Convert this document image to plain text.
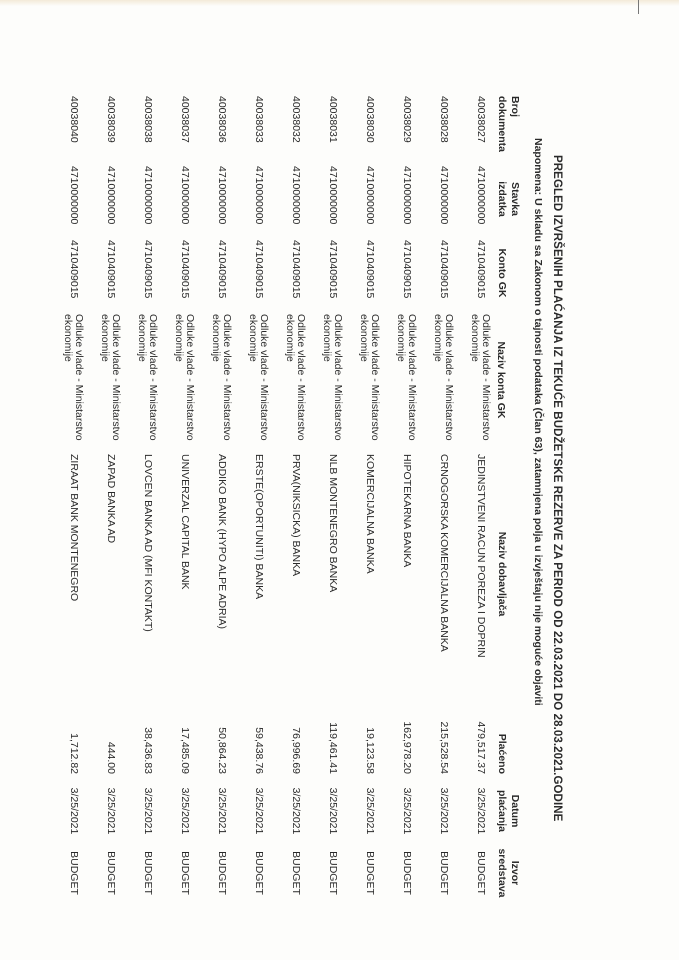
PREGLED IZVRŠENIH PLAĆANJA IZ TEKUĆE BUDŽETSKE REZERVE ZA PERIOD OD 22.03.2021 DO 28.03.2021.GODINE
Napomena: U skladu sa Zakonom o tajnosti podataka (Član 63), zatamnjena polja u izvještaju nije moguće objaviti
Broj dokumenta	Stavka izdatka	Konto GK	Naziv konta GK	Naziv dobavljača	Plaćeno	Datum plaćanja	Izvor sredstava
40038027	4710000000	4710409015	Odluke vlade - Ministarstvo ekonomije	JEDINSTVENI RACUN POREZA I DOPRIN	479,517.37	3/25/2021	BUDGET
40038028	4710000000	4710409015	Odluke vlade - Ministarstvo ekonomije	CRNOGORSKA KOMERCIJALNA BANKA	215,528.54	3/25/2021	BUDGET
40038029	4710000000	4710409015	Odluke vlade - Ministarstvo ekonomije	HIPOTEKARNA BANKA	162,978.20	3/25/2021	BUDGET
40038030	4710000000	4710409015	Odluke vlade - Ministarstvo ekonomije	KOMERCIJALNA BANKA	19,123.58	3/25/2021	BUDGET
40038031	4710000000	4710409015	Odluke vlade - Ministarstvo ekonomije	NLB MONTENEGRO BANKA	119,461.41	3/25/2021	BUDGET
40038032	4710000000	4710409015	Odluke vlade - Ministarstvo ekonomije	PRVA(NIKSICKA) BANKA	76,996.69	3/25/2021	BUDGET
40038033	4710000000	4710409015	Odluke vlade - Ministarstvo ekonomije	ERSTE(OPORTUNITI) BANKA	59,438.76	3/25/2021	BUDGET
40038036	4710000000	4710409015	Odluke vlade - Ministarstvo ekonomije	ADDIKO BANK (HYPO ALPE ADRIA)	50,864.23	3/25/2021	BUDGET
40038037	4710000000	4710409015	Odluke vlade - Ministarstvo ekonomije	UNIVERZAL CAPITAL BANK	17,485.09	3/25/2021	BUDGET
40038038	4710000000	4710409015	Odluke vlade - Ministarstvo ekonomije	LOVCEN BANKA AD (MFI KONTAKT)	38,436.83	3/25/2021	BUDGET
40038039	4710000000	4710409015	Odluke vlade - Ministarstvo ekonomije	ZAPAD BANKA AD	444.00	3/25/2021	BUDGET
40038040	4710000000	4710409015	Odluke vlade - Ministarstvo ekonomije	ZIRAAT BANK MONTENEGRO	1,712.82	3/25/2021	BUDGET
